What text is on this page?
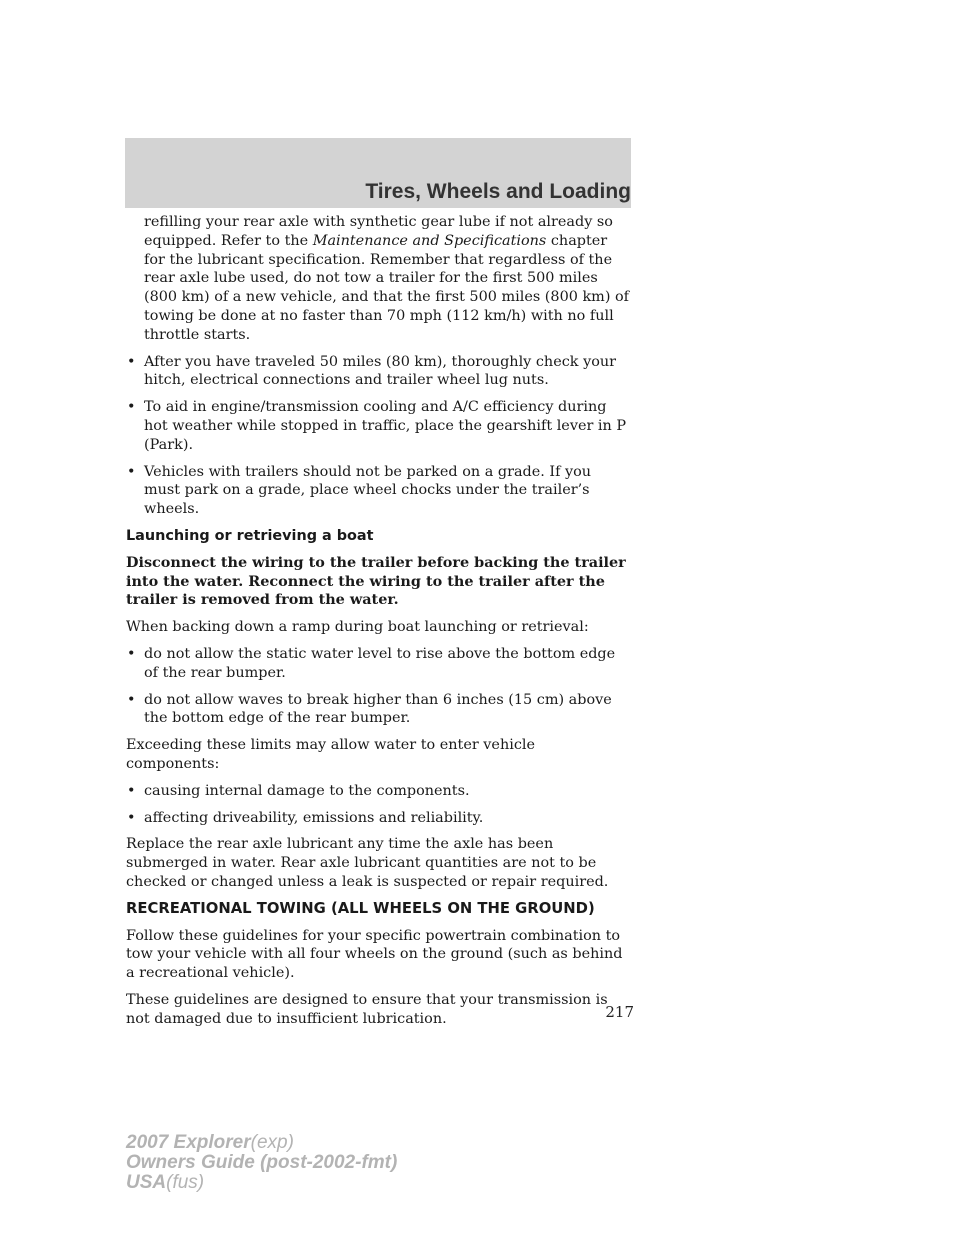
Tires, Wheels and Loading

refilling your rear axle with synthetic gear lube if not already so equipped. Refer to the Maintenance and Specifications chapter for the lubricant specification. Remember that regardless of the rear axle lube used, do not tow a trailer for the first 500 miles (800 km) of a new vehicle, and that the first 500 miles (800 km) of towing be done at no faster than 70 mph (112 km/h) with no full throttle starts.

• After you have traveled 50 miles (80 km), thoroughly check your hitch, electrical connections and trailer wheel lug nuts.
• To aid in engine/transmission cooling and A/C efficiency during hot weather while stopped in traffic, place the gearshift lever in P (Park).
• Vehicles with trailers should not be parked on a grade. If you must park on a grade, place wheel chocks under the trailer’s wheels.
Launching or retrieving a boat

Disconnect the wiring to the trailer before backing the trailer into the water. Reconnect the wiring to the trailer after the trailer is removed from the water.

When backing down a ramp during boat launching or retrieval:

• do not allow the static water level to rise above the bottom edge of the rear bumper.
• do not allow waves to break higher than 6 inches (15 cm) above the bottom edge of the rear bumper.

Exceeding these limits may allow water to enter vehicle components:

• causing internal damage to the components.
• affecting driveability, emissions and reliability.

Replace the rear axle lubricant any time the axle has been submerged in water. Rear axle lubricant quantities are not to be checked or changed unless a leak is suspected or repair required.

RECREATIONAL TOWING (ALL WHEELS ON THE GROUND)

Follow these guidelines for your specific powertrain combination to tow your vehicle with all four wheels on the ground (such as behind a recreational vehicle).

These guidelines are designed to ensure that your transmission is not damaged due to insufficient lubrication.	217
2007 Explorer(exp)
Owners Guide (post-2002-fmt)
USA(fus)
